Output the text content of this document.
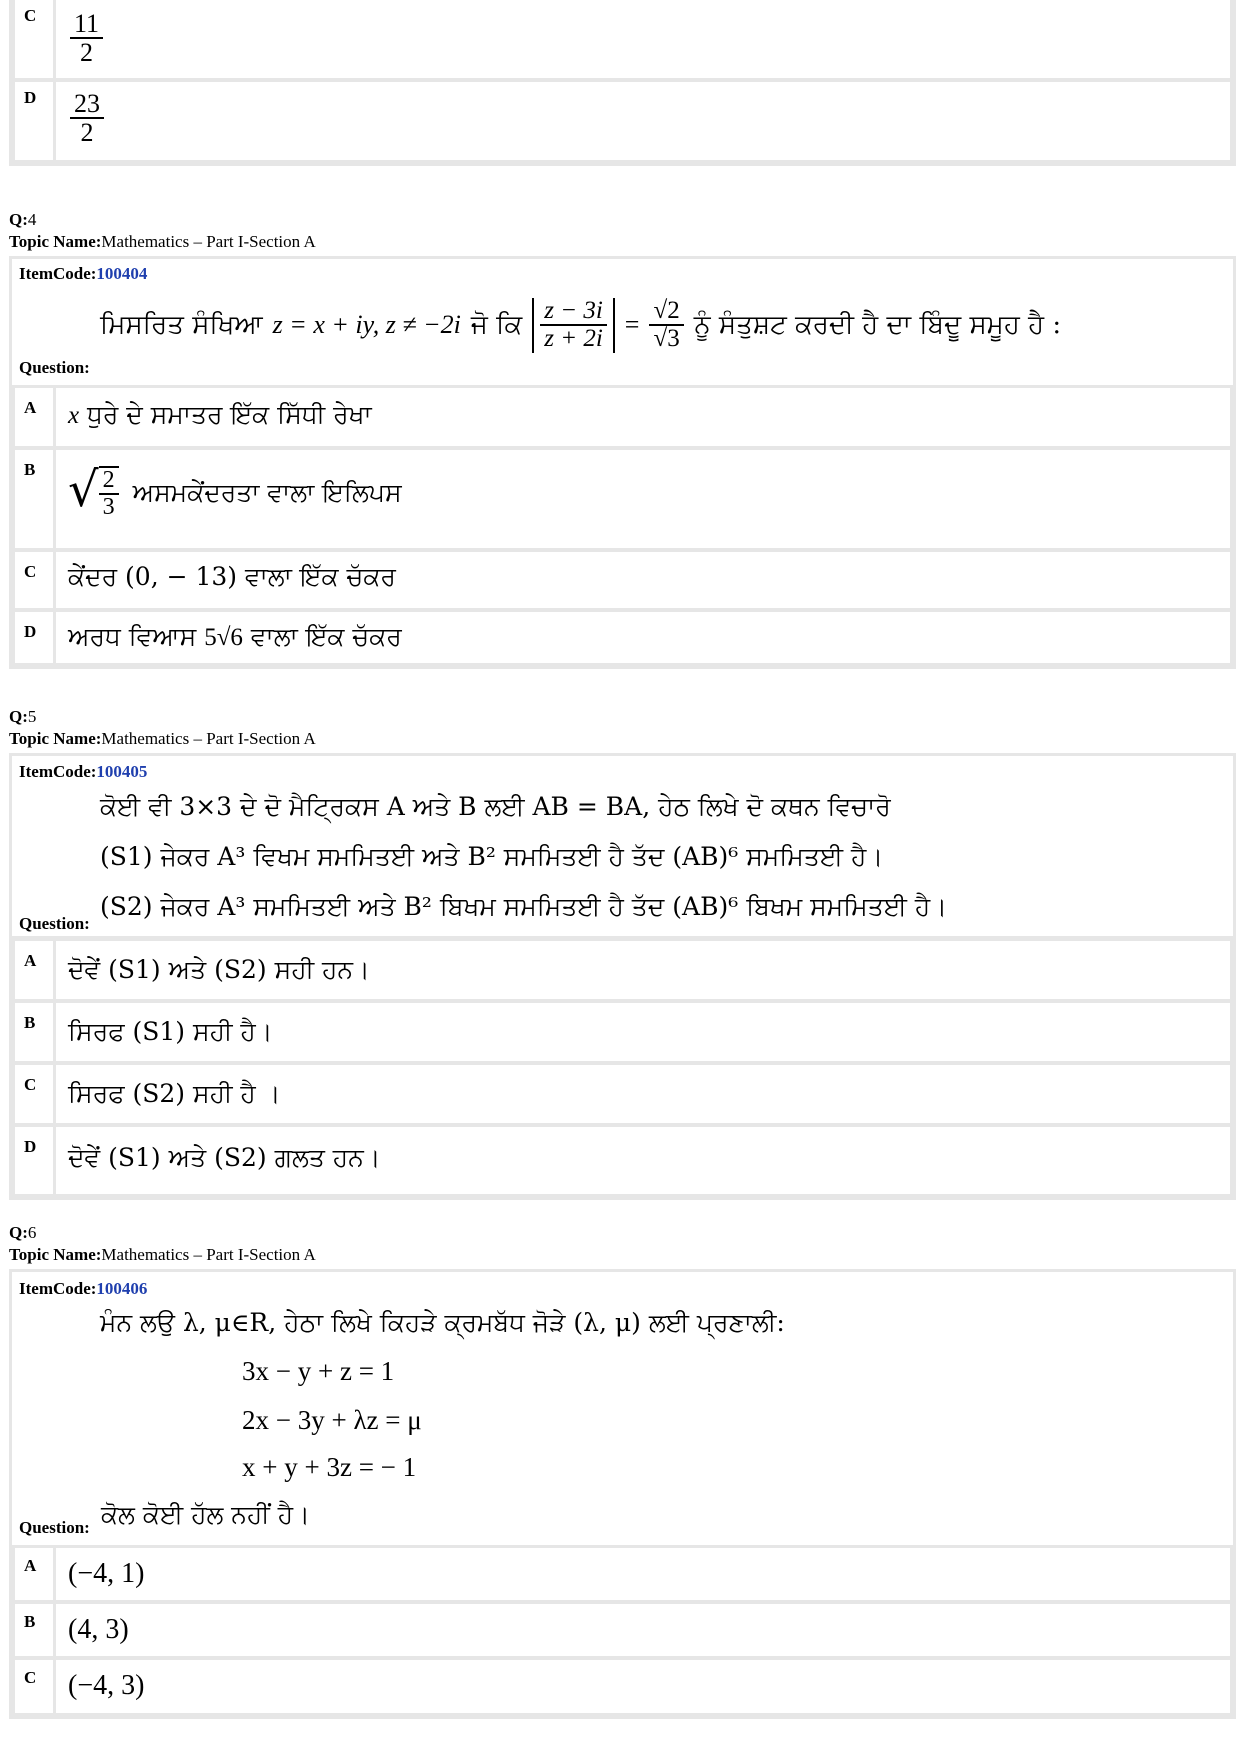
C $\frac{11}{2}$
D $\frac{23}{2}$
Q:4
Topic Name:Mathematics – Part I-Section A
ItemCode:100404
ਮਿਸਰਿਤ ਸੰਖਿਆ z = x + iy, z ≠ −2i ਜੋ ਕਿ $\frac{z - 3i}{z + 2i} = \frac{√2}{√3}$ ਨੂੰ ਸੰਤੁਸ਼ਟ ਕਰਦੀ ਹੈ ਦਾ ਬਿੰਦੂ ਸਮੂਹ ਹੈ :
Question:
A x ਧੁਰੇ ਦੇ ਸਮਾਤਰ ਇੱਕ ਸਿੱਧੀ ਰੇਖਾ
B √ $\frac{2}{3}$ ਅਸਮਕੇਂਦਰਤਾ ਵਾਲਾ ਇਲਿਪਸ
C ਕੇਂਦਰ (0, − 13) ਵਾਲਾ ਇੱਕ ਚੱਕਰ
D ਅਰਧ ਵਿਆਸ 5√6 ਵਾਲਾ ਇੱਕ ਚੱਕਰ
Q:5
Topic Name:Mathematics – Part I-Section A
ItemCode:100405
ਕੋਈ ਵੀ 3×3 ਦੇ ਦੋ ਮੈਟ੍ਰਿਕਸ A ਅਤੇ B ਲਈ AB = BA, ਹੇਠ ਲਿਖੇ ਦੋ ਕਥਨ ਵਿਚਾਰੋ
(S1) ਜੇਕਰ A³ ਵਿਖਮ ਸਮਮਿਤਈ ਅਤੇ B² ਸਮਮਿਤਈ ਹੈ ਤੱਦ (AB)⁶ ਸਮਮਿਤਈ ਹੈ।
(S2) ਜੇਕਰ A³ ਸਮਮਿਤਈ ਅਤੇ B² ਬਿਖਮ ਸਮਮਿਤਈ ਹੈ ਤੱਦ (AB)⁶ ਬਿਖਮ ਸਮਮਿਤਈ ਹੈ।
Question:
A ਦੋਵੇਂ (S1) ਅਤੇ (S2) ਸਹੀ ਹਨ।
B ਸਿਰਫ (S1) ਸਹੀ ਹੈ।
C ਸਿਰਫ (S2) ਸਹੀ ਹੈ ।
D ਦੋਵੇਂ (S1) ਅਤੇ (S2) ਗਲਤ ਹਨ।
Q:6
Topic Name:Mathematics – Part I-Section A
ItemCode:100406
ਮੰਨ ਲਉ λ, μ∈R, ਹੇਠਾ ਲਿਖੇ ਕਿਹੜੇ ਕ੍ਰਮਬੱਧ ਜੋੜੇ (λ, μ) ਲਈ ਪ੍ਰਣਾਲੀ:
3x − y + z = 1
2x − 3y + λz = μ
x + y + 3z = − 1
Question: ਕੋਲ ਕੋਈ ਹੱਲ ਨਹੀਂ ਹੈ।
A (−4, 1)
B (4, 3)
C (−4, 3)
